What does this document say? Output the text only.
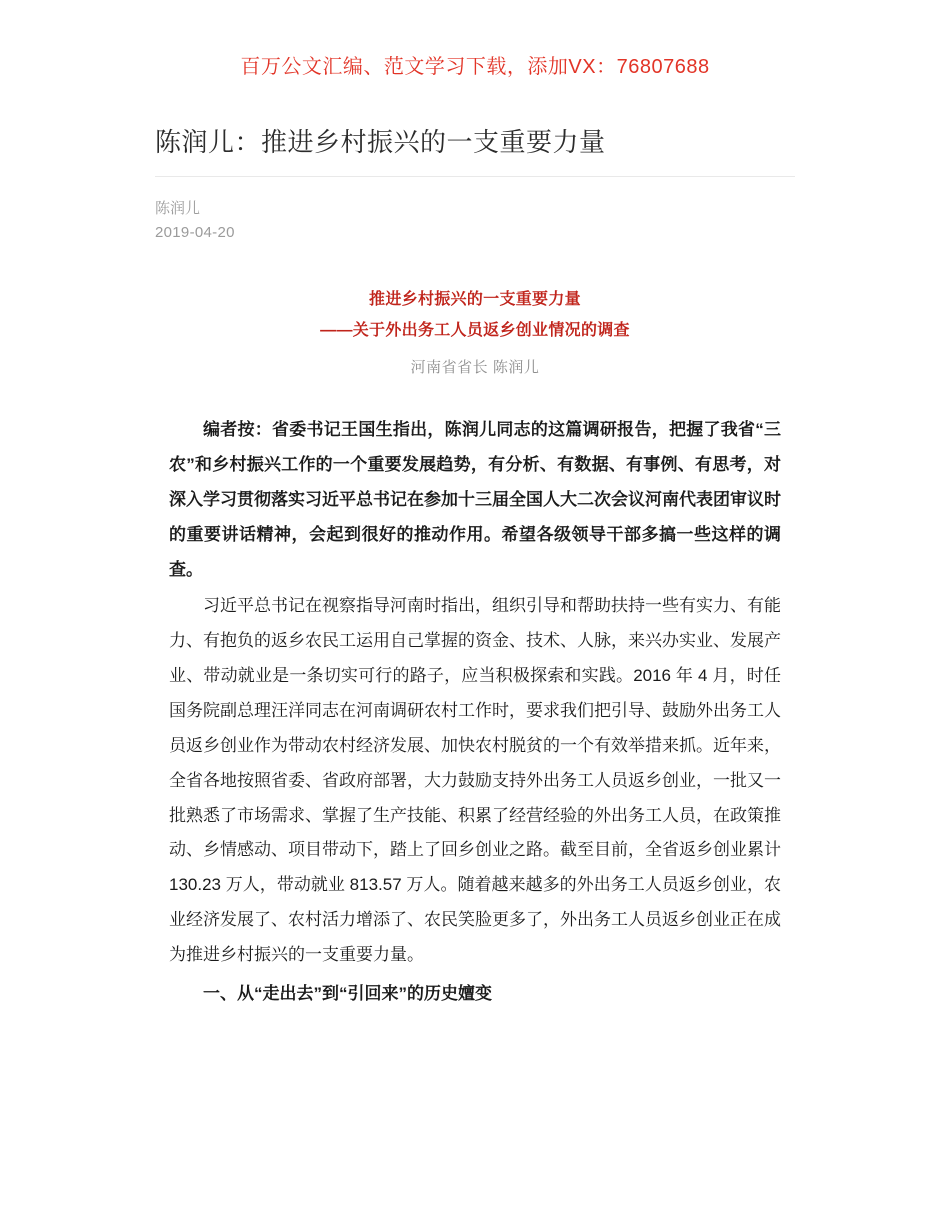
百万公文汇编、范文学习下载，添加VX：76807688
陈润儿：推进乡村振兴的一支重要力量
陈润儿
2019-04-20
推进乡村振兴的一支重要力量
——关于外出务工人员返乡创业情况的调查
河南省省长 陈润儿

编者按：省委书记王国生指出，陈润儿同志的这篇调研报告，把握了我省“三农”和乡村振兴工作的一个重要发展趋势，有分析、有数据、有事例、有思考，对深入学习贯彻落实习近平总书记在参加十三届全国人大二次会议河南代表团审议时的重要讲话精神，会起到很好的推动作用。希望各级领导干部多搞一些这样的调查。

习近平总书记在视察指导河南时指出，组织引导和帮助扶持一些有实力、有能力、有抱负的返乡农民工运用自己掌握的资金、技术、人脉，来兴办实业、发展产业、带动就业是一条切实可行的路子，应当积极探索和实践。2016 年 4 月，时任国务院副总理汪洋同志在河南调研农村工作时，要求我们把引导、鼓励外出务工人员返乡创业作为带动农村经济发展、加快农村脱贫的一个有效举措来抓。近年来，全省各地按照省委、省政府部署，大力鼓励支持外出务工人员返乡创业，一批又一批熟悉了市场需求、掌握了生产技能、积累了经营经验的外出务工人员，在政策推动、乡情感动、项目带动下，踏上了回乡创业之路。截至目前，全省返乡创业累计 130.23 万人，带动就业 813.57 万人。随着越来越多的外出务工人员返乡创业，农业经济发展了、农村活力增添了、农民笑脸更多了，外出务工人员返乡创业正在成为推进乡村振兴的一支重要力量。

一、从“走出去”到“引回来”的历史嬗变
